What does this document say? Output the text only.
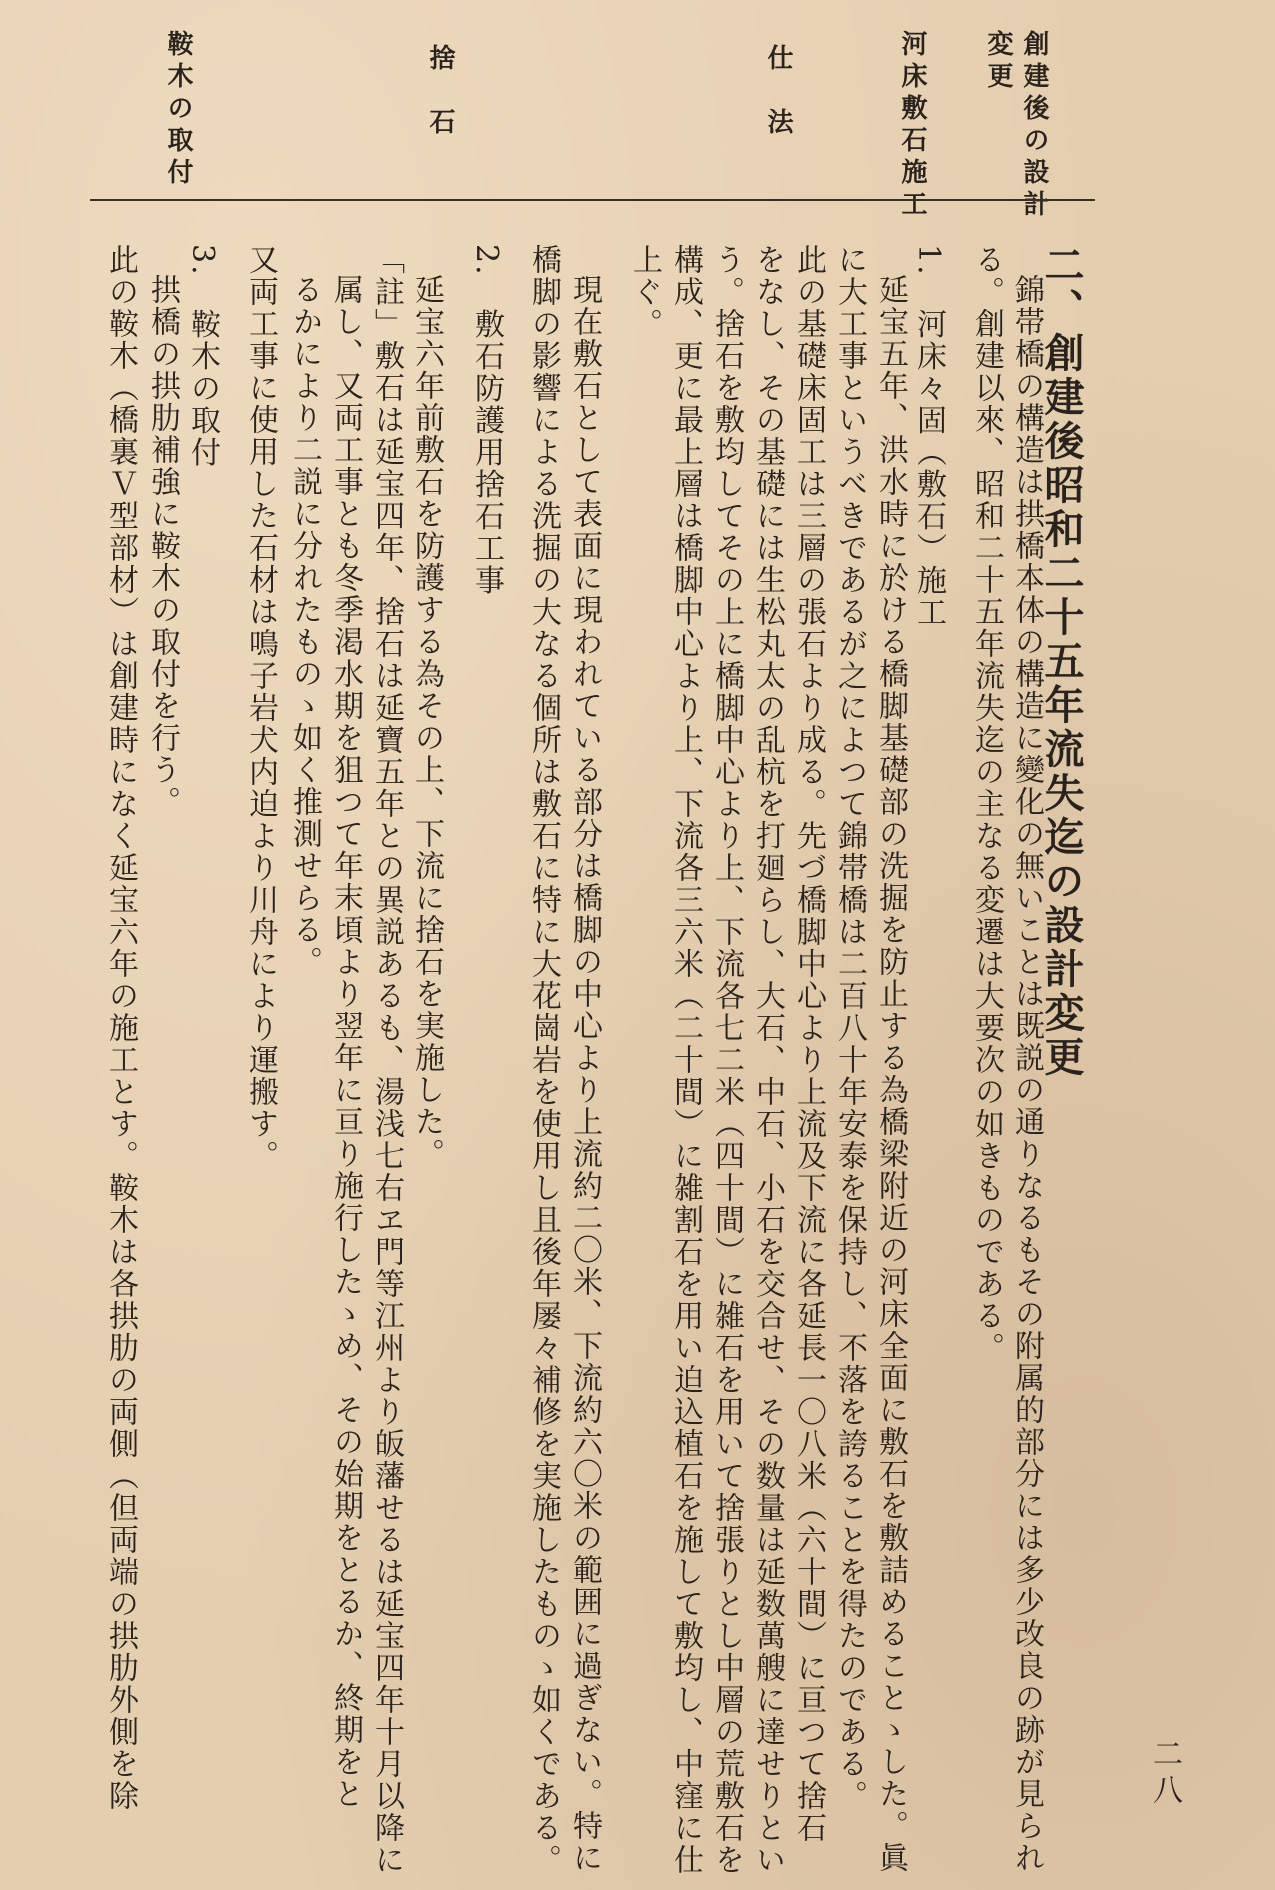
創建後の設計
変更
河床敷石施工
仕　法
捨　石
鞍木の取付
二、創建後昭和二十五年流失迄の設計変更
錦帯橋の構造は拱橋本体の構造に變化の無いことは既説の通りなるもその附属的部分には多少改良の跡が見られ
る。創建以來、昭和二十五年流失迄の主なる変遷は大要次の如きものである。
1.　河床々固（敷石）施工
延宝五年、洪水時に於ける橋脚基礎部の洗掘を防止する為橋梁附近の河床全面に敷石を敷詰めることゝした。眞
に大工事というべきであるが之によつて錦帯橋は二百八十年安泰を保持し、不落を誇ることを得たのである。
此の基礎床固工は三層の張石より成る。先づ橋脚中心より上流及下流に各延長一〇八米（六十間）に亘つて捨石
をなし、その基礎には生松丸太の乱杭を打廻らし、大石、中石、小石を交合せ、その数量は延数萬艘に達せりとい
う。捨石を敷均してその上に橋脚中心より上、下流各七二米（四十間）に雑石を用いて捨張りとし中層の荒敷石を
構成、更に最上層は橋脚中心より上、下流各三六米（二十間）に雑割石を用い迫込植石を施して敷均し、中窪に仕
上ぐ。
現在敷石として表面に現われている部分は橋脚の中心より上流約二〇米、下流約六〇米の範囲に過ぎない。特に
橋脚の影響による洗掘の大なる個所は敷石に特に大花崗岩を使用し且後年屡々補修を実施したものゝ如くである。
2.　敷石防護用捨石工事
延宝六年前敷石を防護する為その上、下流に捨石を実施した。
「註」敷石は延宝四年、捨石は延寶五年との異説あるも、湯浅七右ヱ門等江州より皈藩せるは延宝四年十月以降に
属し、又両工事とも冬季渇水期を狙つて年末頃より翌年に亘り施行したゝめ、その始期をとるか、終期をと
るかにより二説に分れたものゝ如く推測せらる。
又両工事に使用した石材は鳴子岩犬内迫より川舟により運搬す。
3.　鞍木の取付
拱橋の拱肋補強に鞍木の取付を行う。
此の鞍木（橋裏Ｖ型部材）は創建時になく延宝六年の施工とす。鞍木は各拱肋の両側（但両端の拱肋外側を除	二八
